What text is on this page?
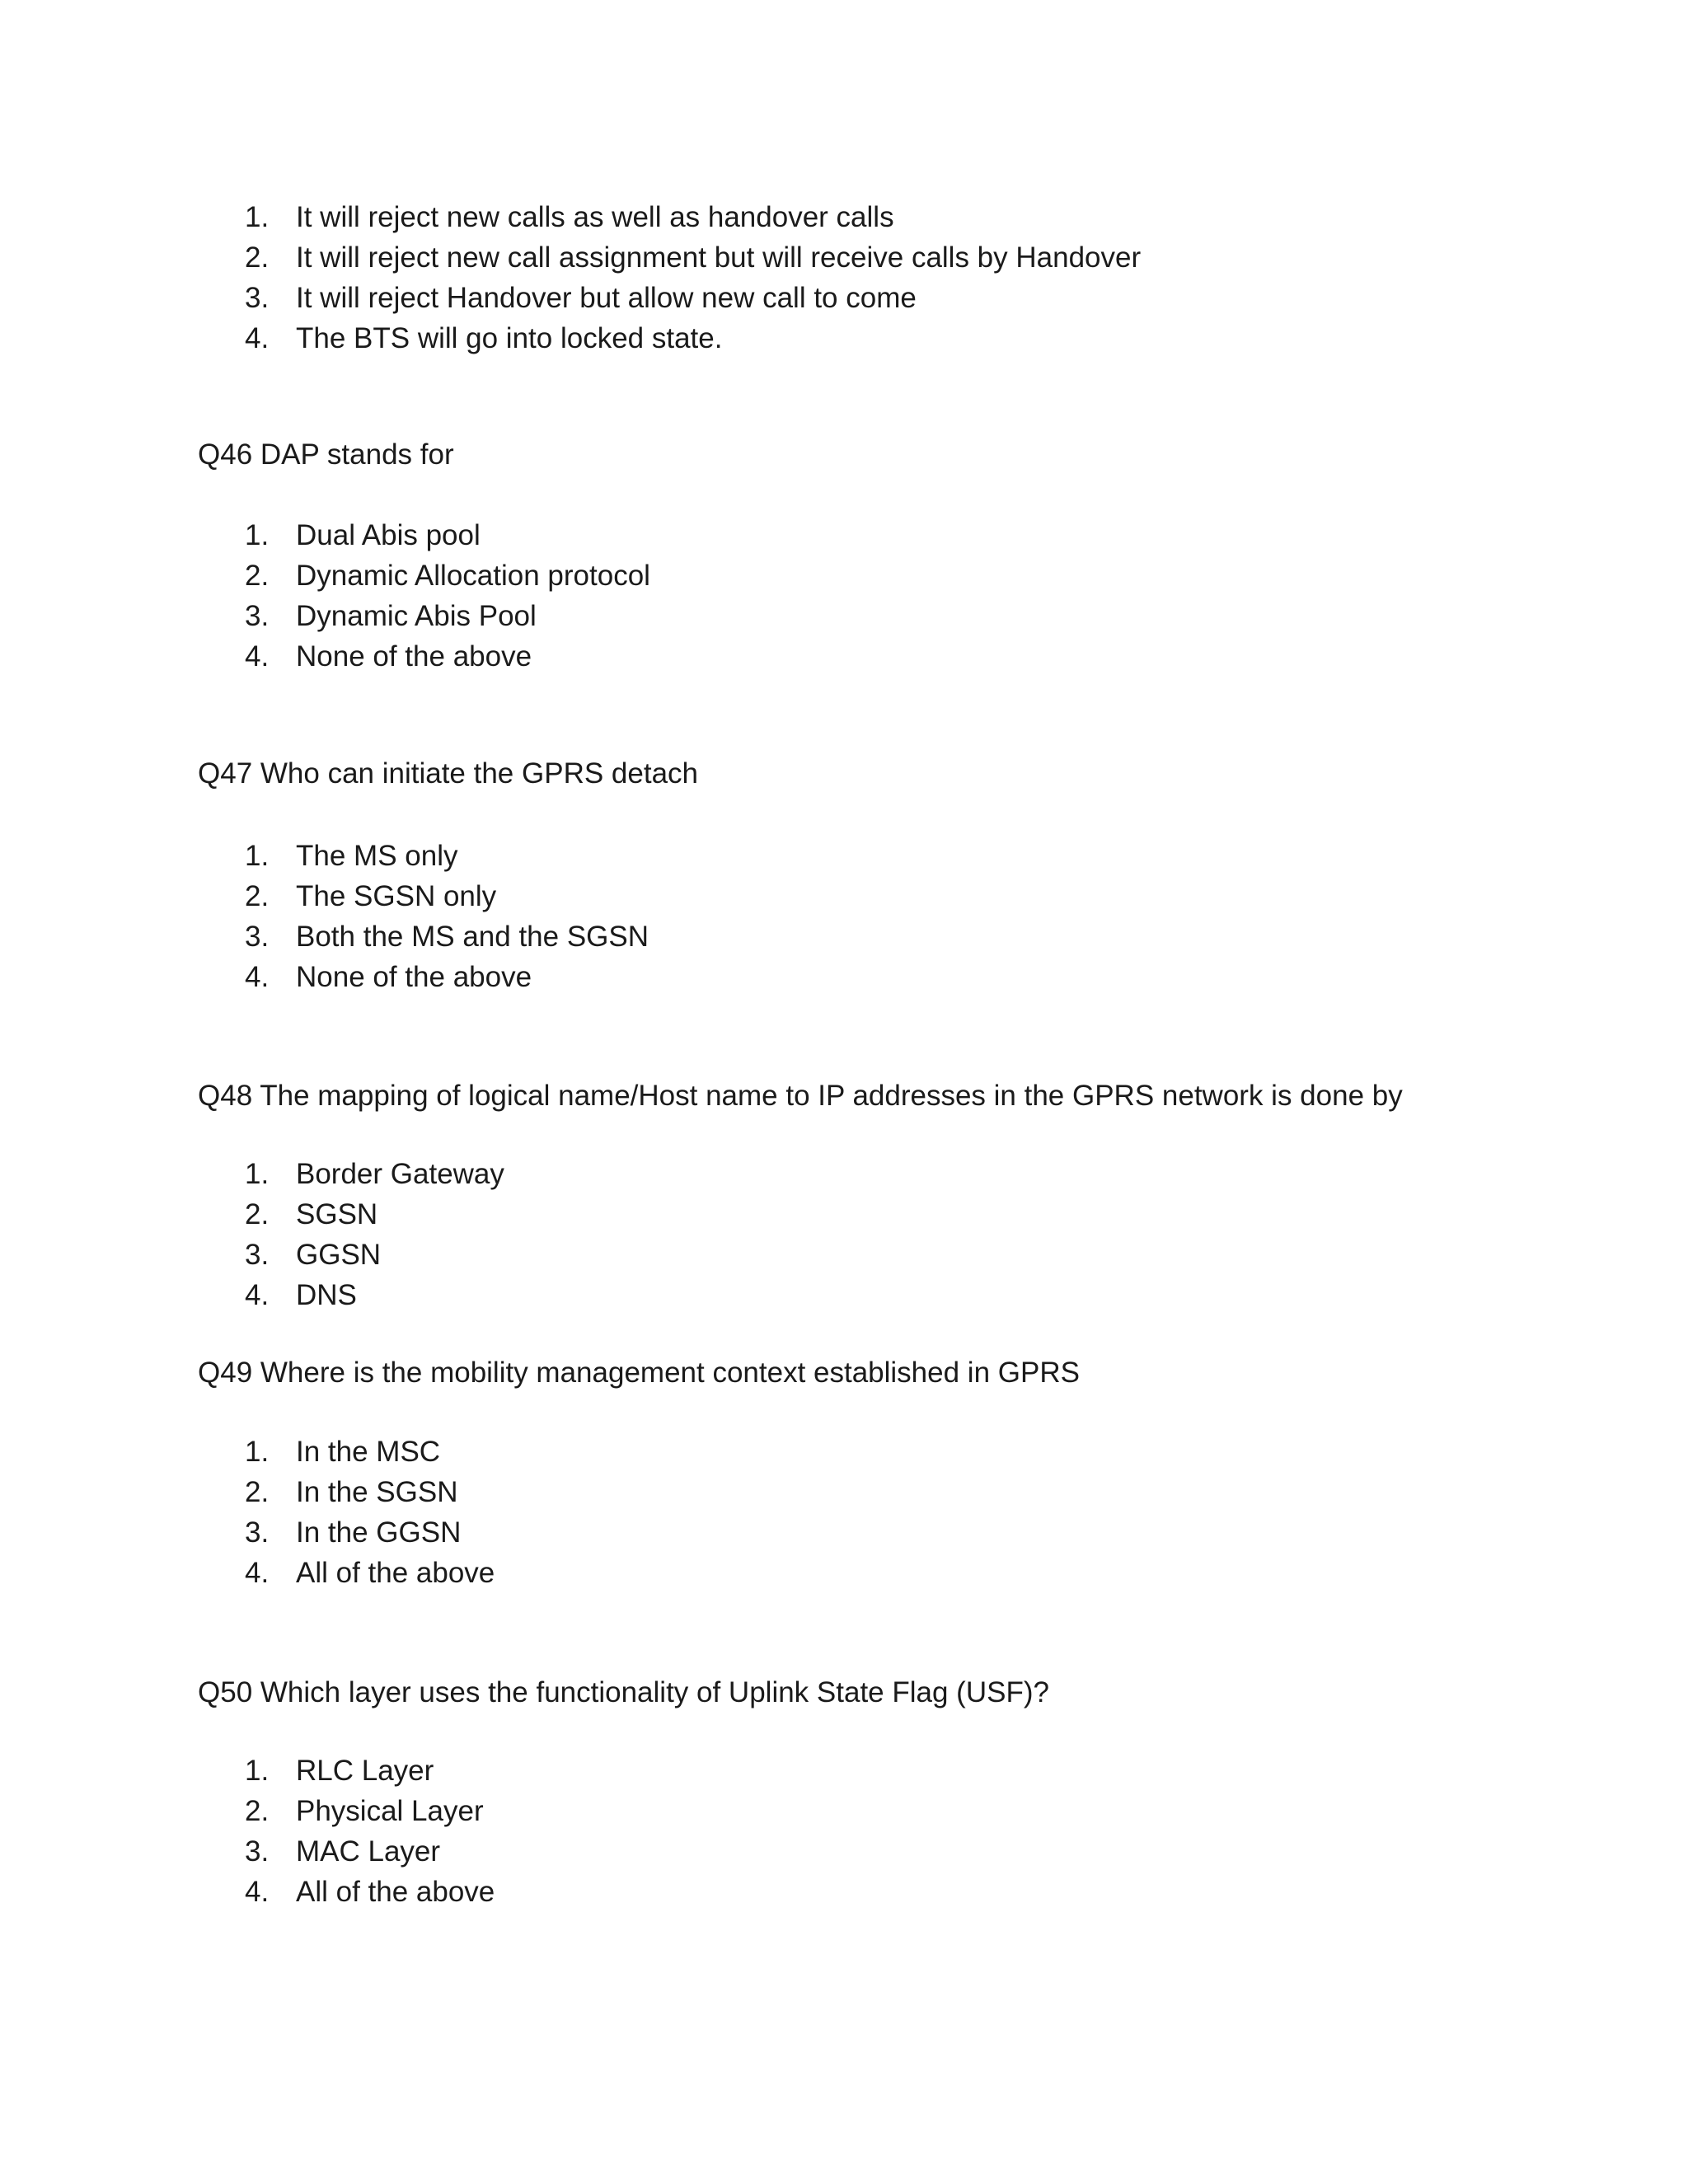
1. It will reject new calls as well as handover calls
2. It will reject new call assignment but will receive calls by Handover
3. It will reject Handover but allow new call to come
4. The BTS will go into locked state.
Q46 DAP stands for
1. Dual Abis pool
2. Dynamic Allocation protocol
3. Dynamic Abis Pool
4. None of the above
Q47 Who can initiate the GPRS detach
1. The MS only
2. The SGSN only
3. Both the MS and the SGSN
4. None of the above
Q48 The mapping of logical name/Host name to IP addresses in the GPRS network is done by
1. Border Gateway
2. SGSN
3. GGSN
4. DNS
Q49 Where is the mobility management context established in GPRS
1. In the MSC
2. In the SGSN
3. In the GGSN
4. All of the above
Q50 Which layer uses the functionality of Uplink State Flag (USF)?
1. RLC Layer
2. Physical Layer
3. MAC Layer
4. All of the above
